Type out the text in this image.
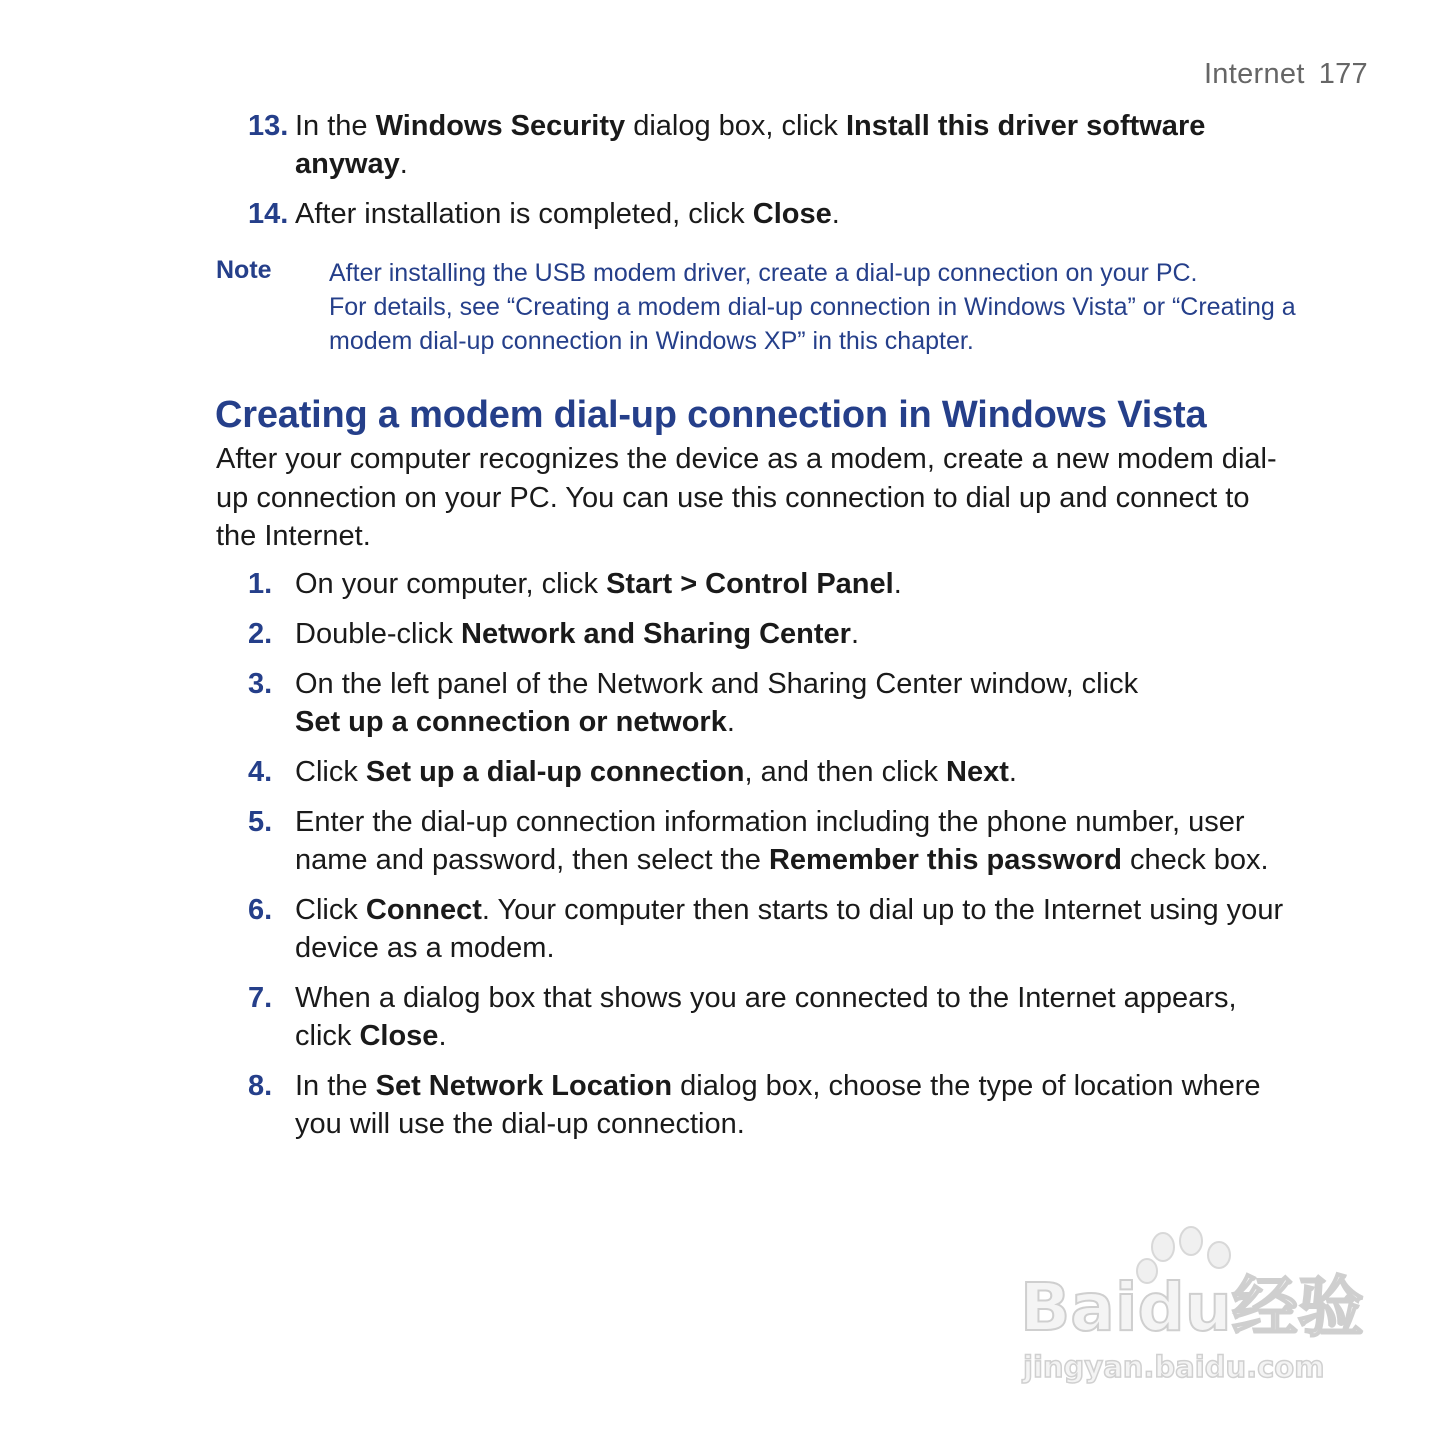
Internet 177
13. In the Windows Security dialog box, click Install this driver software
anyway.
14. After installation is completed, click Close.
Note After installing the USB modem driver, create a dial-up connection on your PC.
For details, see “Creating a modem dial-up connection in Windows Vista” or “Creating a
modem dial-up connection in Windows XP” in this chapter.
Creating a modem dial-up connection in Windows Vista
After your computer recognizes the device as a modem, create a new modem dial-
up connection on your PC. You can use this connection to dial up and connect to
the Internet.
1. On your computer, click Start > Control Panel.
2. Double-click Network and Sharing Center.
3. On the left panel of the Network and Sharing Center window, click
Set up a connection or network.
4. Click Set up a dial-up connection, and then click Next.
5. Enter the dial-up connection information including the phone number, user
name and password, then select the Remember this password check box.
6. Click Connect. Your computer then starts to dial up to the Internet using your
device as a modem.
7. When a dialog box that shows you are connected to the Internet appears,
click Close.
8. In the Set Network Location dialog box, choose the type of location where
you will use the dial-up connection.
Baidu经验
jingyan.baidu.com
